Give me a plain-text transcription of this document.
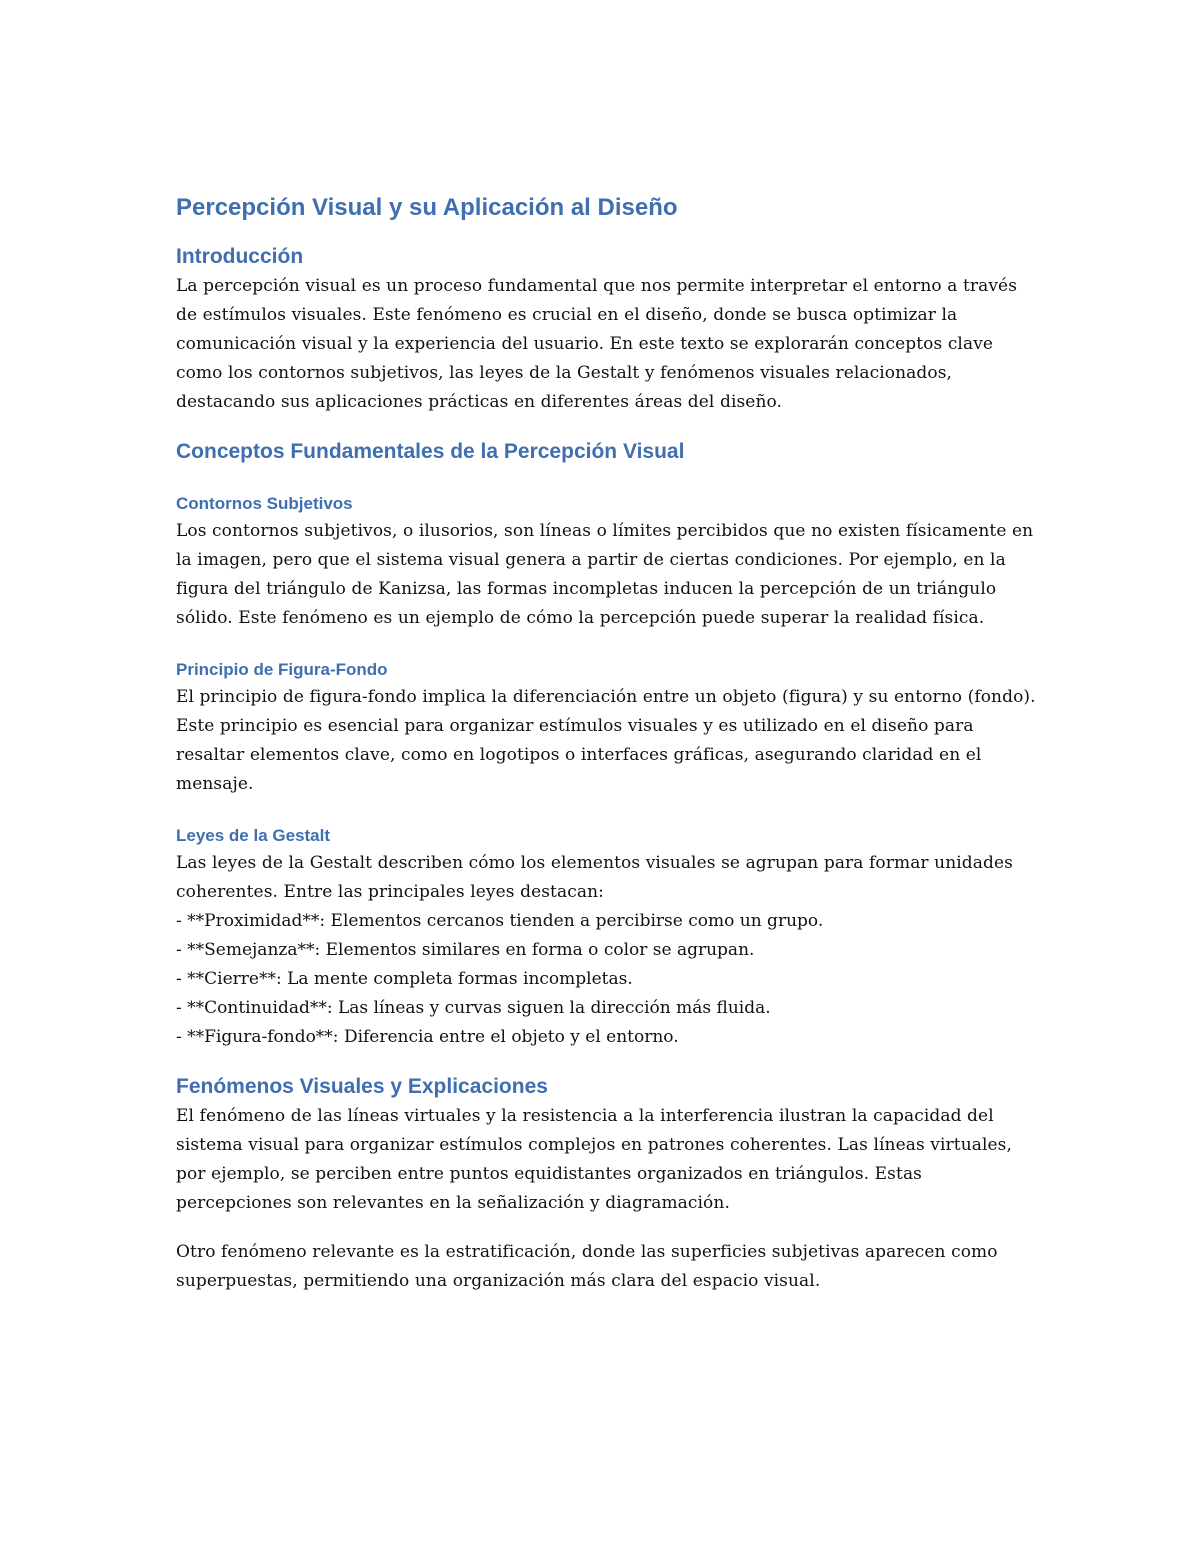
Percepción Visual y su Aplicación al Diseño
Introducción

La percepción visual es un proceso fundamental que nos permite interpretar el entorno a través de estímulos visuales. Este fenómeno es crucial en el diseño, donde se busca optimizar la comunicación visual y la experiencia del usuario. En este texto se explorarán conceptos clave como los contornos subjetivos, las leyes de la Gestalt y fenómenos visuales relacionados, destacando sus aplicaciones prácticas en diferentes áreas del diseño.

Conceptos Fundamentales de la Percepción Visual
Contornos Subjetivos

Los contornos subjetivos, o ilusorios, son líneas o límites percibidos que no existen físicamente en la imagen, pero que el sistema visual genera a partir de ciertas condiciones. Por ejemplo, en la figura del triángulo de Kanizsa, las formas incompletas inducen la percepción de un triángulo sólido. Este fenómeno es un ejemplo de cómo la percepción puede superar la realidad física.

Principio de Figura-Fondo

El principio de figura-fondo implica la diferenciación entre un objeto (figura) y su entorno (fondo). Este principio es esencial para organizar estímulos visuales y es utilizado en el diseño para resaltar elementos clave, como en logotipos o interfaces gráficas, asegurando claridad en el mensaje.

Leyes de la Gestalt

Las leyes de la Gestalt describen cómo los elementos visuales se agrupan para formar unidades coherentes. Entre las principales leyes destacan:

- **Proximidad**: Elementos cercanos tienden a percibirse como un grupo.
- **Semejanza**: Elementos similares en forma o color se agrupan.
- **Cierre**: La mente completa formas incompletas.
- **Continuidad**: Las líneas y curvas siguen la dirección más fluida.
- **Figura-fondo**: Diferencia entre el objeto y el entorno.
Fenómenos Visuales y Explicaciones

El fenómeno de las líneas virtuales y la resistencia a la interferencia ilustran la capacidad del sistema visual para organizar estímulos complejos en patrones coherentes. Las líneas virtuales, por ejemplo, se perciben entre puntos equidistantes organizados en triángulos. Estas percepciones son relevantes en la señalización y diagramación.

Otro fenómeno relevante es la estratificación, donde las superficies subjetivas aparecen como superpuestas, permitiendo una organización más clara del espacio visual.
